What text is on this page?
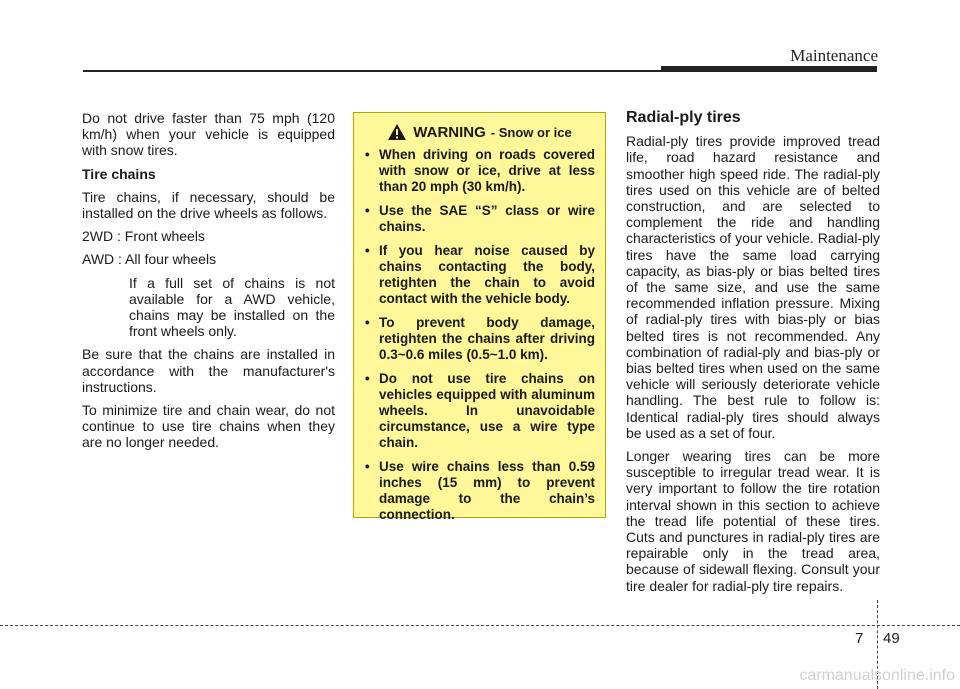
Maintenance

Do not drive faster than 75 mph (120 km/h) when your vehicle is equipped with snow tires.

Tire chains

Tire chains, if necessary, should be installed on the drive wheels as follows.

2WD : Front wheels

AWD : All four wheels

If a full set of chains is not available for a AWD vehicle, chains may be installed on the front wheels only.

Be sure that the chains are installed in accordance with the manufacturer's instructions.

To minimize tire and chain wear, do not continue to use tire chains when they are no longer needed.

WARNING - Snow or ice
• When driving on roads covered with snow or ice, drive at less than 20 mph (30 km/h).
• Use the SAE “S” class or wire chains.
• If you hear noise caused by chains contacting the body, retighten the chain to avoid contact with the vehicle body.
• To prevent body damage, retighten the chains after driving 0.3~0.6 miles (0.5~1.0 km).
• Do not use tire chains on vehicles equipped with aluminum wheels. In unavoidable circumstance, use a wire type chain.
• Use wire chains less than 0.59 inches (15 mm) to prevent damage to the chain’s connection.

Radial-ply tires

Radial-ply tires provide improved tread life, road hazard resistance and smoother high speed ride. The radial-ply tires used on this vehicle are of belted construction, and are selected to complement the ride and handling characteristics of your vehicle. Radial-ply tires have the same load carrying capacity, as bias-ply or bias belted tires of the same size, and use the same recommended inflation pressure. Mixing of radial-ply tires with bias-ply or bias belted tires is not recommended. Any combination of radial-ply and bias-ply or bias belted tires when used on the same vehicle will seriously deteriorate vehicle handling. The best rule to follow is: Identical radial-ply tires should always be used as a set of four.

Longer wearing tires can be more susceptible to irregular tread wear. It is very important to follow the tire rotation interval shown in this section to achieve the tread life potential of these tires. Cuts and punctures in radial-ply tires are repairable only in the tread area, because of sidewall flexing. Consult your tire dealer for radial-ply tire repairs.

7 49
carmanualsonline.info
